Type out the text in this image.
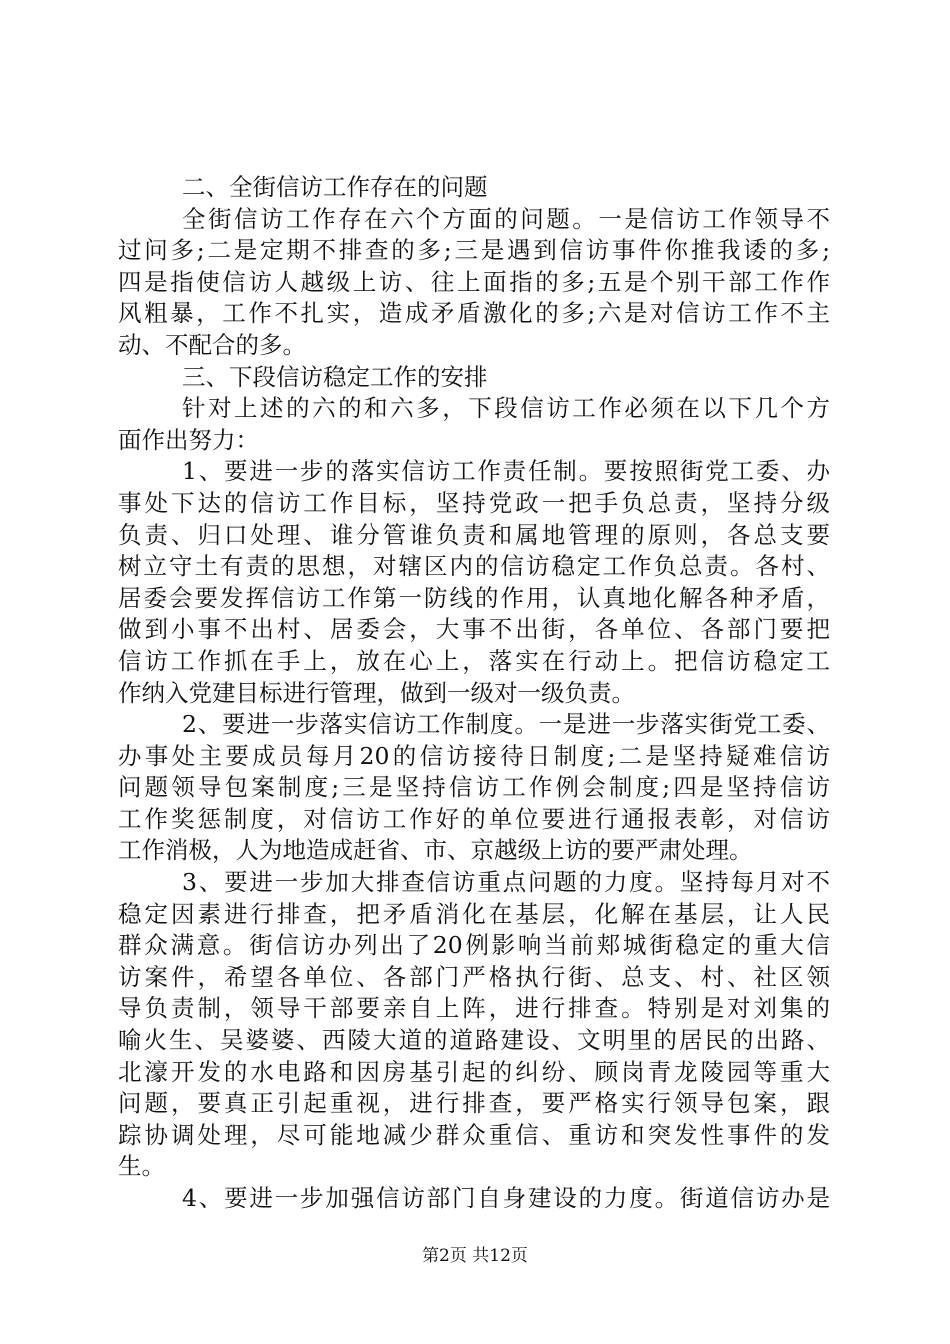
二、全街信访工作存在的问题
全街信访工作存在六个方面的问题。一是信访工作领导不
过问多;二是定期不排查的多;三是遇到信访事件你推我诿的多;
四是指使信访人越级上访、往上面指的多;五是个别干部工作作
风粗暴，工作不扎实，造成矛盾激化的多;六是对信访工作不主
动、不配合的多。
三、下段信访稳定工作的安排
针对上述的六的和六多，下段信访工作必须在以下几个方
面作出努力：
1、要进一步的落实信访工作责任制。要按照街党工委、办
事处下达的信访工作目标，坚持党政一把手负总责，坚持分级
负责、归口处理、谁分管谁负责和属地管理的原则，各总支要
树立守土有责的思想，对辖区内的信访稳定工作负总责。各村、
居委会要发挥信访工作第一防线的作用，认真地化解各种矛盾，
做到小事不出村、居委会，大事不出街，各单位、各部门要把
信访工作抓在手上，放在心上，落实在行动上。把信访稳定工
作纳入党建目标进行管理，做到一级对一级负责。
2、要进一步落实信访工作制度。一是进一步落实街党工委、
办事处主要成员每月20的信访接待日制度;二是坚持疑难信访
问题领导包案制度;三是坚持信访工作例会制度;四是坚持信访
工作奖惩制度，对信访工作好的单位要进行通报表彰，对信访
工作消极，人为地造成赶省、市、京越级上访的要严肃处理。
3、要进一步加大排查信访重点问题的力度。坚持每月对不
稳定因素进行排查，把矛盾消化在基层，化解在基层，让人民
群众满意。街信访办列出了20例影响当前郏城街稳定的重大信
访案件，希望各单位、各部门严格执行街、总支、村、社区领
导负责制，领导干部要亲自上阵，进行排查。特别是对刘集的
喻火生、吴婆婆、西陵大道的道路建设、文明里的居民的出路、
北濠开发的水电路和因房基引起的纠纷、顾岗青龙陵园等重大
问题，要真正引起重视，进行排查，要严格实行领导包案，跟
踪协调处理，尽可能地减少群众重信、重访和突发性事件的发
生。
4、要进一步加强信访部门自身建设的力度。街道信访办是
第2页 共12页
